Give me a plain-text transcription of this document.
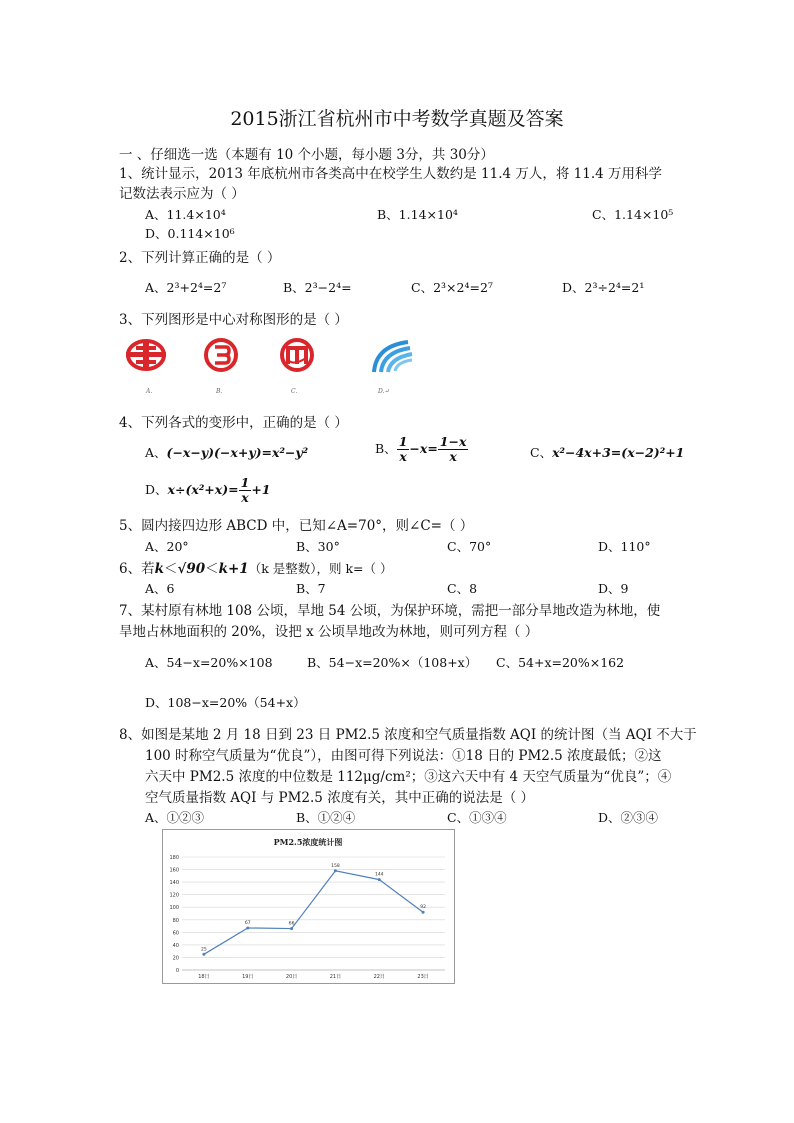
2015浙江省杭州市中考数学真题及答案
一 、仔细选一选（本题有 10 个小题，每小题 3分，共 30分）
1、统计显示，2013 年底杭州市各类高中在校学生人数约是 11.4 万人，将 11.4 万用科学
记数法表示应为（ ）
A、11.4×10⁴	B、1.14×10⁴	C、1.14×10⁵
D、0.114×10⁶
2、下列计算正确的是（ ）
A、2³+2⁴=2⁷	B、2³−2⁴=	C、2³×2⁴=2⁷	D、2³÷2⁴=2¹
3、下列图形是中心对称图形的是（ ）
A.	B.	C.	D.↵
4、下列各式的变形中，正确的是（ ）
A、(−x−y)(−x+y)=x²−y²	B、 $\frac{1}{x} -x= \frac{1-x}{x}$	C、x²−4x+3=(x−2)²+1
D、$x\div(x^2+x)= \frac{1}{x} +1$
5、圆内接四边形 ABCD 中，已知∠A=70°，则∠C=（ ）
A、20°	B、30°	C、70°	D、110°
6、若k＜√90＜k+1（k 是整数），则 k=（ ）
A、6	B、7	C、8	D、9
7、某村原有林地 108 公顷，旱地 54 公顷，为保护环境，需把一部分旱地改造为林地，使
旱地占林地面积的 20%，设把 x 公顷旱地改为林地，则可列方程（ ）
A、54−x=20%×108	B、54−x=20%×（108+x） C、54+x=20%×162
D、108−x=20%（54+x）
8、如图是某地 2 月 18 日到 23 日 PM2.5 浓度和空气质量指数 AQI 的统计图（当 AQI 不大于
100 时称空气质量为“优良”），由图可得下列说法：①18 日的 PM2.5 浓度最低；②这
六天中 PM2.5 浓度的中位数是 112μg/cm²；③这六天中有 4 天空气质量为“优良”；④
空气质量指数 AQI 与 PM2.5 浓度有关，其中正确的说法是（ ）
A、①②③	B、①②④	C、①③④	D、②③④
PM2.5浓度统计图
0
20
40
60
80
100
120
140
160
180
18日	19日	20日	21日	22日	23日
25
67	66
158
144
92
